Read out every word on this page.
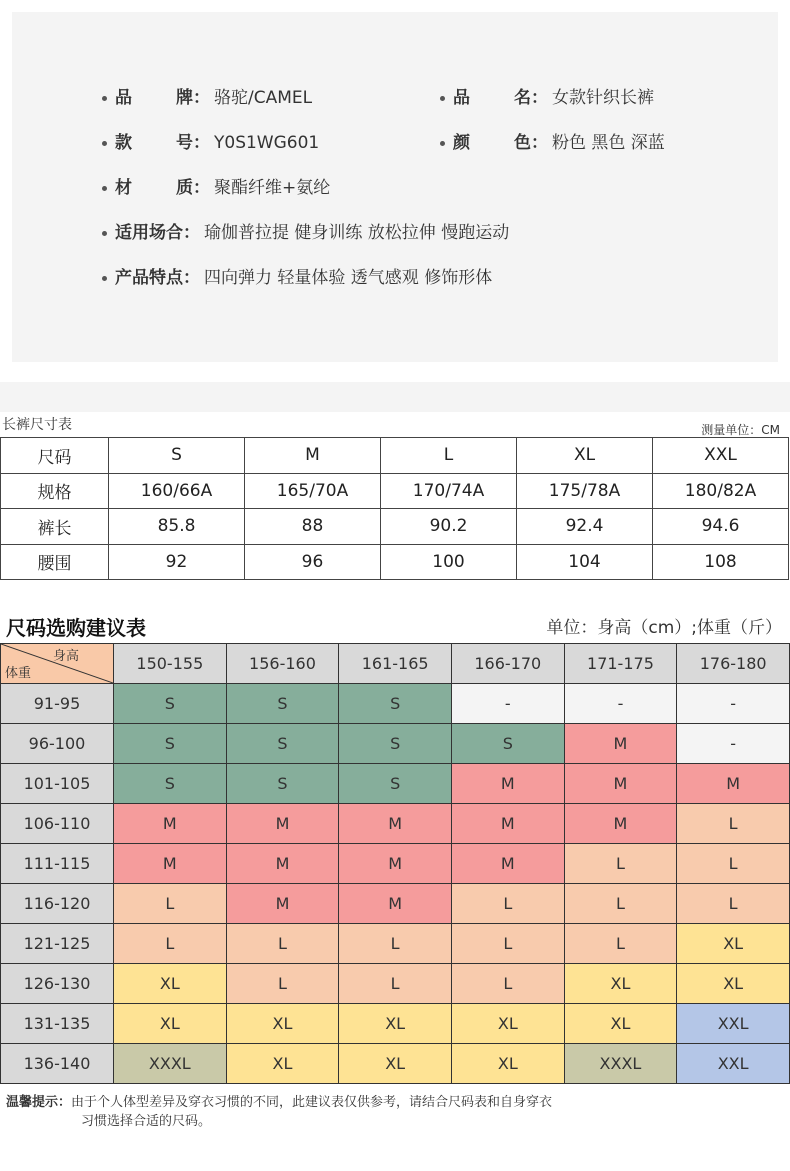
品牌： 骆驼/CAMEL	品名： 女款针织长裤
款号： Y0S1WG601	颜色： 粉色 黑色 深蓝
材质： 聚酯纤维+氨纶
适用场合： 瑜伽普拉提 健身训练 放松拉伸 慢跑运动
产品特点： 四向弹力 轻量体验 透气感观 修饰形体
长裤尺寸表	测量单位：CM
尺码	S	M	L	XL	XXL
规格	160/66A	165/70A	170/74A	175/78A	180/82A
裤长	85.8	88	90.2	92.4	94.6
腰围	92	96	100	104	108
尺码选购建议表	单位：身高（cm）;体重（斤）
身高
体重	150-155	156-160	161-165	166-170	171-175	176-180
91-95	S	S	S	-	-	-
96-100	S	S	S	S	M	-
101-105	S	S	S	M	M	M
106-110	M	M	M	M	M	L
111-115	M	M	M	M	L	L
116-120	L	M	M	L	L	L
121-125	L	L	L	L	L	XL
126-130	XL	L	L	L	XL	XL
131-135	XL	XL	XL	XL	XL	XXL
136-140	XXXL	XL	XL	XL	XXXL	XXL
温馨提示：由于个人体型差异及穿衣习惯的不同，此建议表仅供参考，请结合尺码表和自身穿衣
习惯选择合适的尺码。
